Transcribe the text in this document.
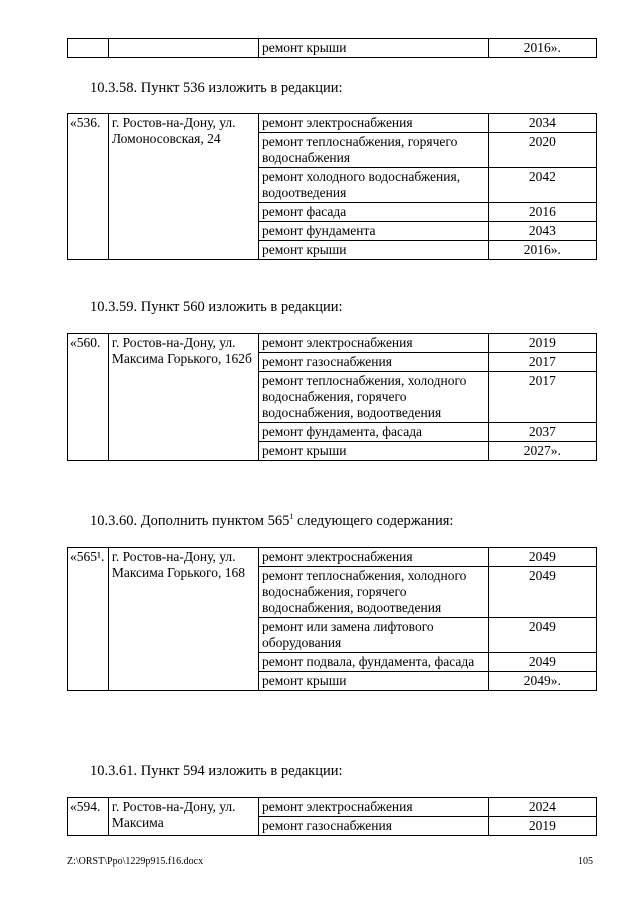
		ремонт крыши	2016».
10.3.58. Пункт 536 изложить в редакции:
«536.	г. Ростов-на-Дону, ул. Ломоносовская, 24	ремонт электроснабжения	2034
		ремонт теплоснабжения, горячего водоснабжения	2020
		ремонт холодного водоснабжения, водоотведения	2042
		ремонт фасада	2016
		ремонт фундамента	2043
		ремонт крыши	2016».
10.3.59. Пункт 560 изложить в редакции:
«560.	г. Ростов-на-Дону, ул. Максима Горького, 162б	ремонт электроснабжения	2019
		ремонт газоснабжения	2017
		ремонт теплоснабжения, холодного водоснабжения, горячего водоснабжения, водоотведения	2017
		ремонт фундамента, фасада	2037
		ремонт крыши	2027».
10.3.60. Дополнить пунктом $565^1$ следующего содержания:
«565¹.	г. Ростов-на-Дону, ул. Максима Горького, 168	ремонт электроснабжения	2049
		ремонт теплоснабжения, холодного водоснабжения, горячего водоснабжения, водоотведения	2049
		ремонт или замена лифтового оборудования	2049
		ремонт подвала, фундамента, фасада	2049
		ремонт крыши	2049».
10.3.61. Пункт 594 изложить в редакции:
«594.	г. Ростов-на-Дону, ул. Максима	ремонт электроснабжения	2024
		ремонт газоснабжения	2019
Z:\ORST\Ppo\1229p915.f16.docx	105
